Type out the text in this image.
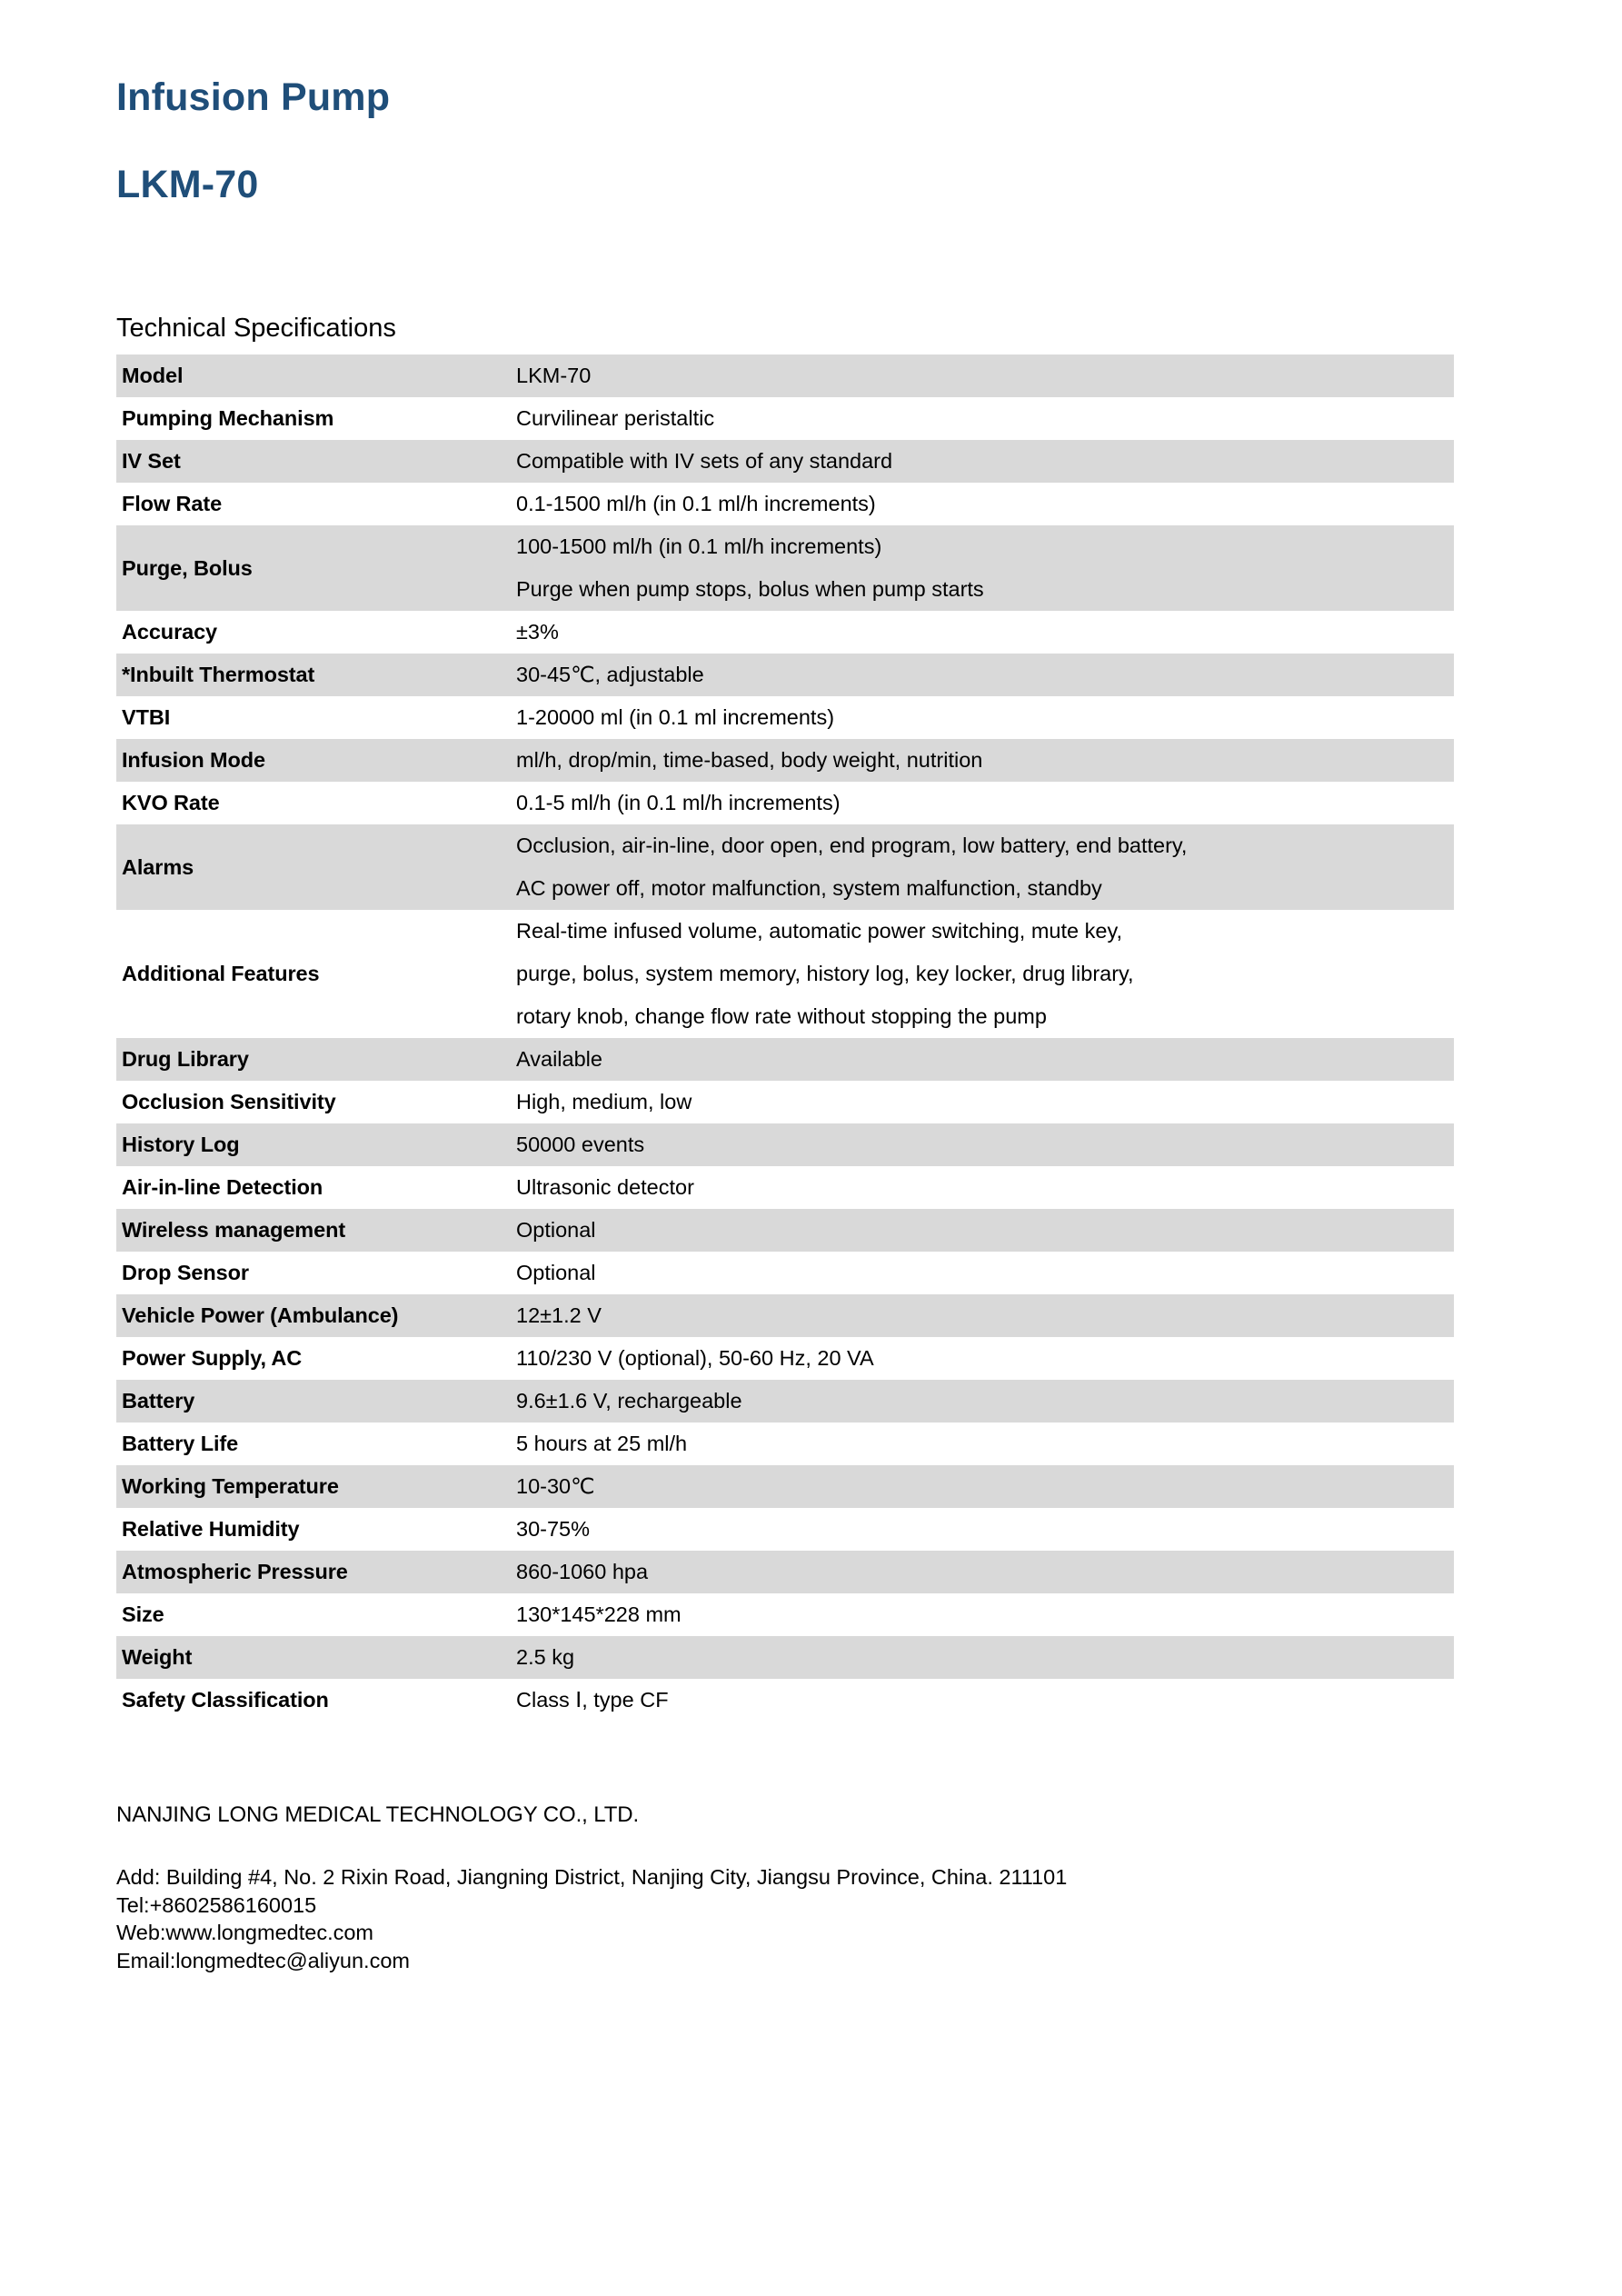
Infusion Pump
LKM-70
Technical Specifications
Model	LKM-70

Pumping Mechanism	Curvilinear peristaltic

IV Set	Compatible with IV sets of any standard

Flow Rate	0.1-1500 ml/h (in 0.1 ml/h increments)

Purge, Bolus	100-1500 ml/h (in 0.1 ml/h increments)
Purge when pump stops, bolus when pump starts

Accuracy	±3%

*Inbuilt Thermostat	30-45℃, adjustable

VTBI	1-20000 ml (in 0.1 ml increments)

Infusion Mode	ml/h, drop/min, time-based, body weight, nutrition

KVO Rate	0.1-5 ml/h (in 0.1 ml/h increments)

Alarms	Occlusion, air-in-line, door open, end program, low battery, end battery,
AC power off, motor malfunction, system malfunction, standby

Additional Features	Real-time infused volume, automatic power switching, mute key,
purge, bolus, system memory, history log, key locker, drug library,
rotary knob, change flow rate without stopping the pump

Drug Library	Available

Occlusion Sensitivity	High, medium, low

History Log	50000 events

Air-in-line Detection	Ultrasonic detector

Wireless management	Optional

Drop Sensor	Optional

Vehicle Power (Ambulance)	12±1.2 V

Power Supply, AC	110/230 V (optional), 50-60 Hz, 20 VA

Battery	9.6±1.6 V, rechargeable

Battery Life	5 hours at 25 ml/h

Working Temperature	10-30℃

Relative Humidity	30-75%

Atmospheric Pressure	860-1060 hpa

Size	130*145*228 mm

Weight	2.5 kg

Safety Classification	Class Ⅰ, type CF
NANJING LONG MEDICAL TECHNOLOGY CO., LTD.
Add: Building #4, No. 2 Rixin Road, Jiangning District, Nanjing City, Jiangsu Province, China. 211101
Tel:+8602586160015
Web:www.longmedtec.com
Email:longmedtec@aliyun.com
